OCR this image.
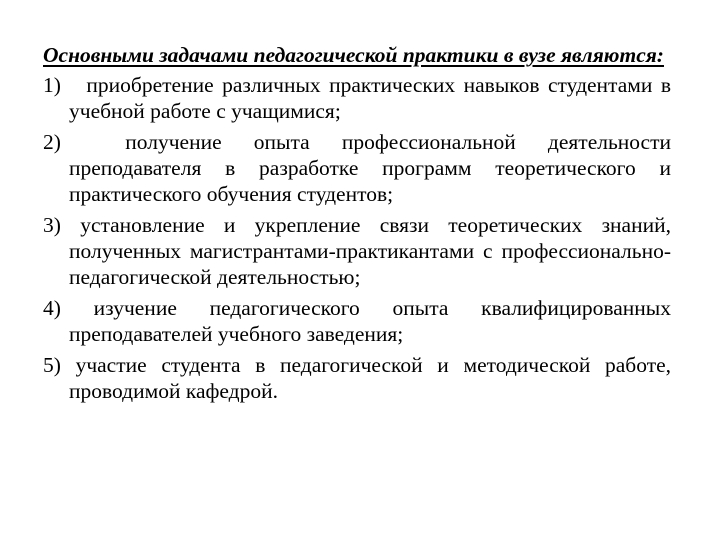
Основными задачами педагогической практики в вузе являются:
1) приобретение различных практических навыков студентами в учебной работе с учащимися;
2)	получение опыта профессиональной деятельности преподавателя в разработке программ теоретического и практического обучения студентов;
3) установление и укрепление связи теоретических знаний, полученных магистрантами-практикантами с профессионально-педагогической деятельностью;
4) изучение педагогического опыта квалифицированных преподавателей учебного заведения;
5) участие студента в педагогической и методической работе, проводимой кафедрой.
